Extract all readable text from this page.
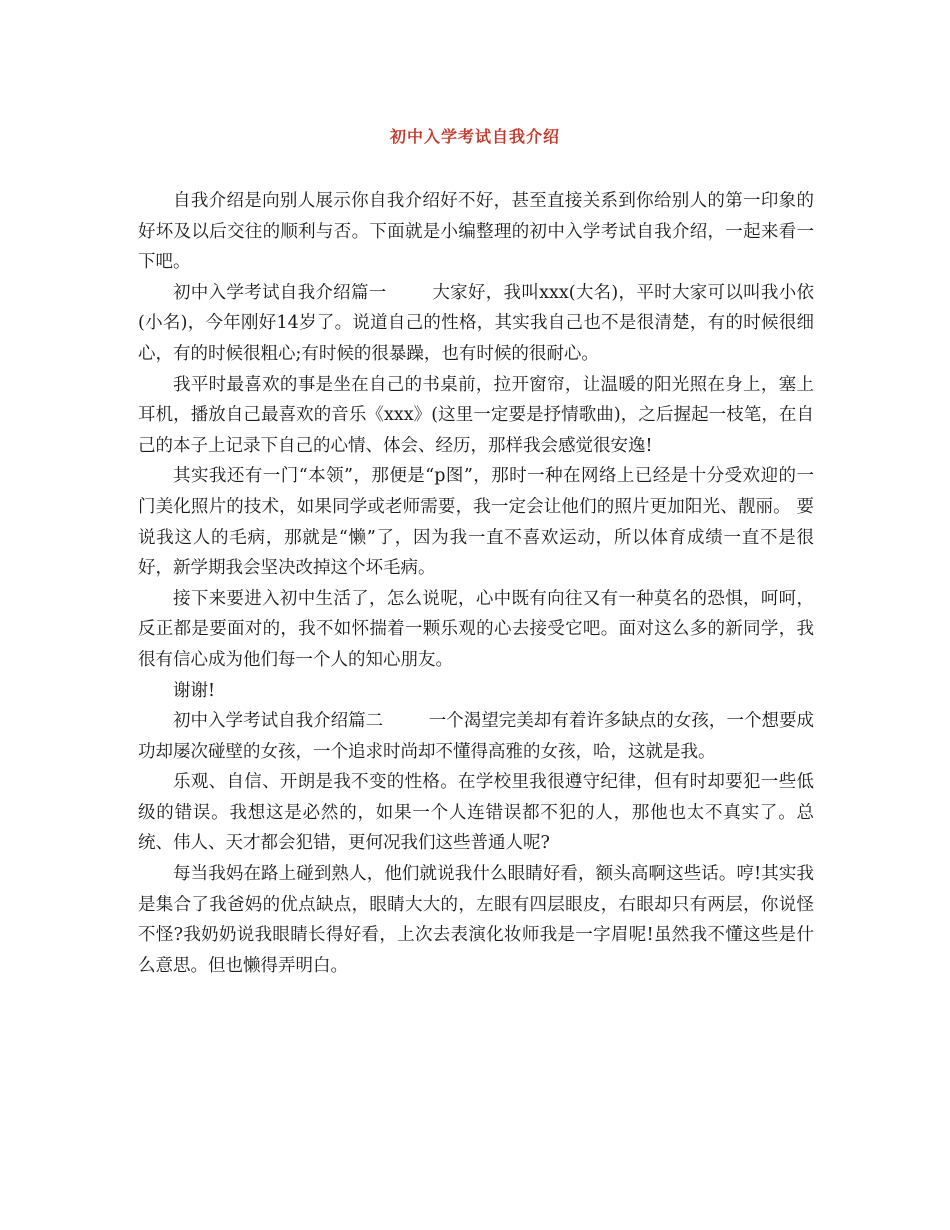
初中入学考试自我介绍

自我介绍是向别人展示你自我介绍好不好，甚至直接关系到你给别人的第一印象的好坏及以后交往的顺利与否。下面就是小编整理的初中入学考试自我介绍，一起来看一下吧。

初中入学考试自我介绍篇一	大家好，我叫xxx(大名)，平时大家可以叫我小依(小名)，今年刚好14岁了。说道自己的性格，其实我自己也不是很清楚，有的时候很细心，有的时候很粗心;有时候的很暴躁，也有时候的很耐心。

我平时最喜欢的事是坐在自己的书桌前，拉开窗帘，让温暖的阳光照在身上，塞上耳机，播放自己最喜欢的音乐《xxx》(这里一定要是抒情歌曲)，之后握起一枝笔，在自己的本子上记录下自己的心情、体会、经历，那样我会感觉很安逸!

其实我还有一门“本领”，那便是“p图”，那时一种在网络上已经是十分受欢迎的一门美化照片的技术，如果同学或老师需要，我一定会让他们的照片更加阳光、靓丽。 要说我这人的毛病，那就是“懒”了，因为我一直不喜欢运动，所以体育成绩一直不是很好，新学期我会坚决改掉这个坏毛病。

接下来要进入初中生活了，怎么说呢，心中既有向往又有一种莫名的恐惧，呵呵，反正都是要面对的，我不如怀揣着一颗乐观的心去接受它吧。面对这么多的新同学，我很有信心成为他们每一个人的知心朋友。

谢谢!

初中入学考试自我介绍篇二	一个渴望完美却有着许多缺点的女孩，一个想要成功却屡次碰壁的女孩，一个追求时尚却不懂得高雅的女孩，哈，这就是我。

乐观、自信、开朗是我不变的性格。在学校里我很遵守纪律，但有时却要犯一些低级的错误。我想这是必然的，如果一个人连错误都不犯的人，那他也太不真实了。总统、伟人、天才都会犯错，更何况我们这些普通人呢?

每当我妈在路上碰到熟人，他们就说我什么眼睛好看，额头高啊这些话。哼!其实我是集合了我爸妈的优点缺点，眼睛大大的，左眼有四层眼皮，右眼却只有两层，你说怪不怪?我奶奶说我眼睛长得好看，上次去表演化妆师我是一字眉呢!虽然我不懂这些是什么意思。但也懒得弄明白。
